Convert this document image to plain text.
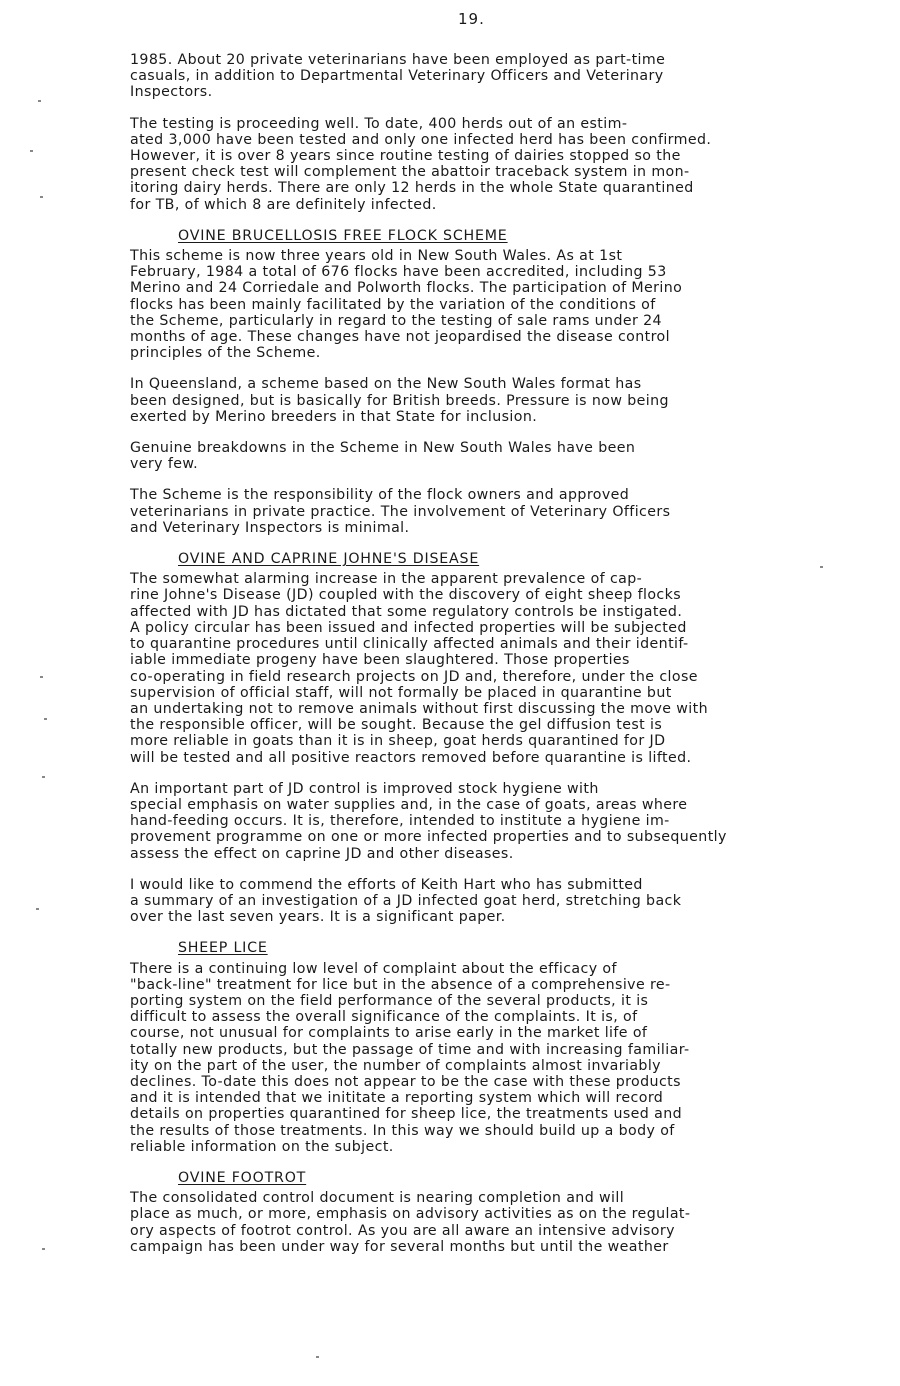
19.

1985. About 20 private veterinarians have been employed as part-time
casuals, in addition to Departmental Veterinary Officers and Veterinary
Inspectors.

The testing is proceeding well. To date, 400 herds out of an estim-
ated 3,000 have been tested and only one infected herd has been confirmed.
However, it is over 8 years since routine testing of dairies stopped so the
present check test will complement the abattoir traceback system in mon-
itoring dairy herds. There are only 12 herds in the whole State quarantined
for TB, of which 8 are definitely infected.

OVINE BRUCELLOSIS FREE FLOCK SCHEME

This scheme is now three years old in New South Wales. As at 1st
February, 1984 a total of 676 flocks have been accredited, including 53
Merino and 24 Corriedale and Polworth flocks. The participation of Merino
flocks has been mainly facilitated by the variation of the conditions of
the Scheme, particularly in regard to the testing of sale rams under 24
months of age. These changes have not jeopardised the disease control
principles of the Scheme.

In Queensland, a scheme based on the New South Wales format has
been designed, but is basically for British breeds. Pressure is now being
exerted by Merino breeders in that State for inclusion.

Genuine breakdowns in the Scheme in New South Wales have been
very few.

The Scheme is the responsibility of the flock owners and approved
veterinarians in private practice. The involvement of Veterinary Officers
and Veterinary Inspectors is minimal.

OVINE AND CAPRINE JOHNE'S DISEASE

The somewhat alarming increase in the apparent prevalence of cap-
rine Johne's Disease (JD) coupled with the discovery of eight sheep flocks
affected with JD has dictated that some regulatory controls be instigated.
A policy circular has been issued and infected properties will be subjected
to quarantine procedures until clinically affected animals and their identif-
iable immediate progeny have been slaughtered. Those properties
co-operating in field research projects on JD and, therefore, under the close
supervision of official staff, will not formally be placed in quarantine but
an undertaking not to remove animals without first discussing the move with
the responsible officer, will be sought. Because the gel diffusion test is
more reliable in goats than it is in sheep, goat herds quarantined for JD
will be tested and all positive reactors removed before quarantine is lifted.

An important part of JD control is improved stock hygiene with
special emphasis on water supplies and, in the case of goats, areas where
hand-feeding occurs. It is, therefore, intended to institute a hygiene im-
provement programme on one or more infected properties and to subsequently
assess the effect on caprine JD and other diseases.

I would like to commend the efforts of Keith Hart who has submitted
a summary of an investigation of a JD infected goat herd, stretching back
over the last seven years. It is a significant paper.

SHEEP LICE

There is a continuing low level of complaint about the efficacy of
"back-line" treatment for lice but in the absence of a comprehensive re-
porting system on the field performance of the several products, it is
difficult to assess the overall significance of the complaints. It is, of
course, not unusual for complaints to arise early in the market life of
totally new products, but the passage of time and with increasing familiar-
ity on the part of the user, the number of complaints almost invariably
declines. To-date this does not appear to be the case with these products
and it is intended that we inititate a reporting system which will record
details on properties quarantined for sheep lice, the treatments used and
the results of those treatments. In this way we should build up a body of
reliable information on the subject.

OVINE FOOTROT

The consolidated control document is nearing completion and will
place as much, or more, emphasis on advisory activities as on the regulat-
ory aspects of footrot control. As you are all aware an intensive advisory
campaign has been under way for several months but until the weather
